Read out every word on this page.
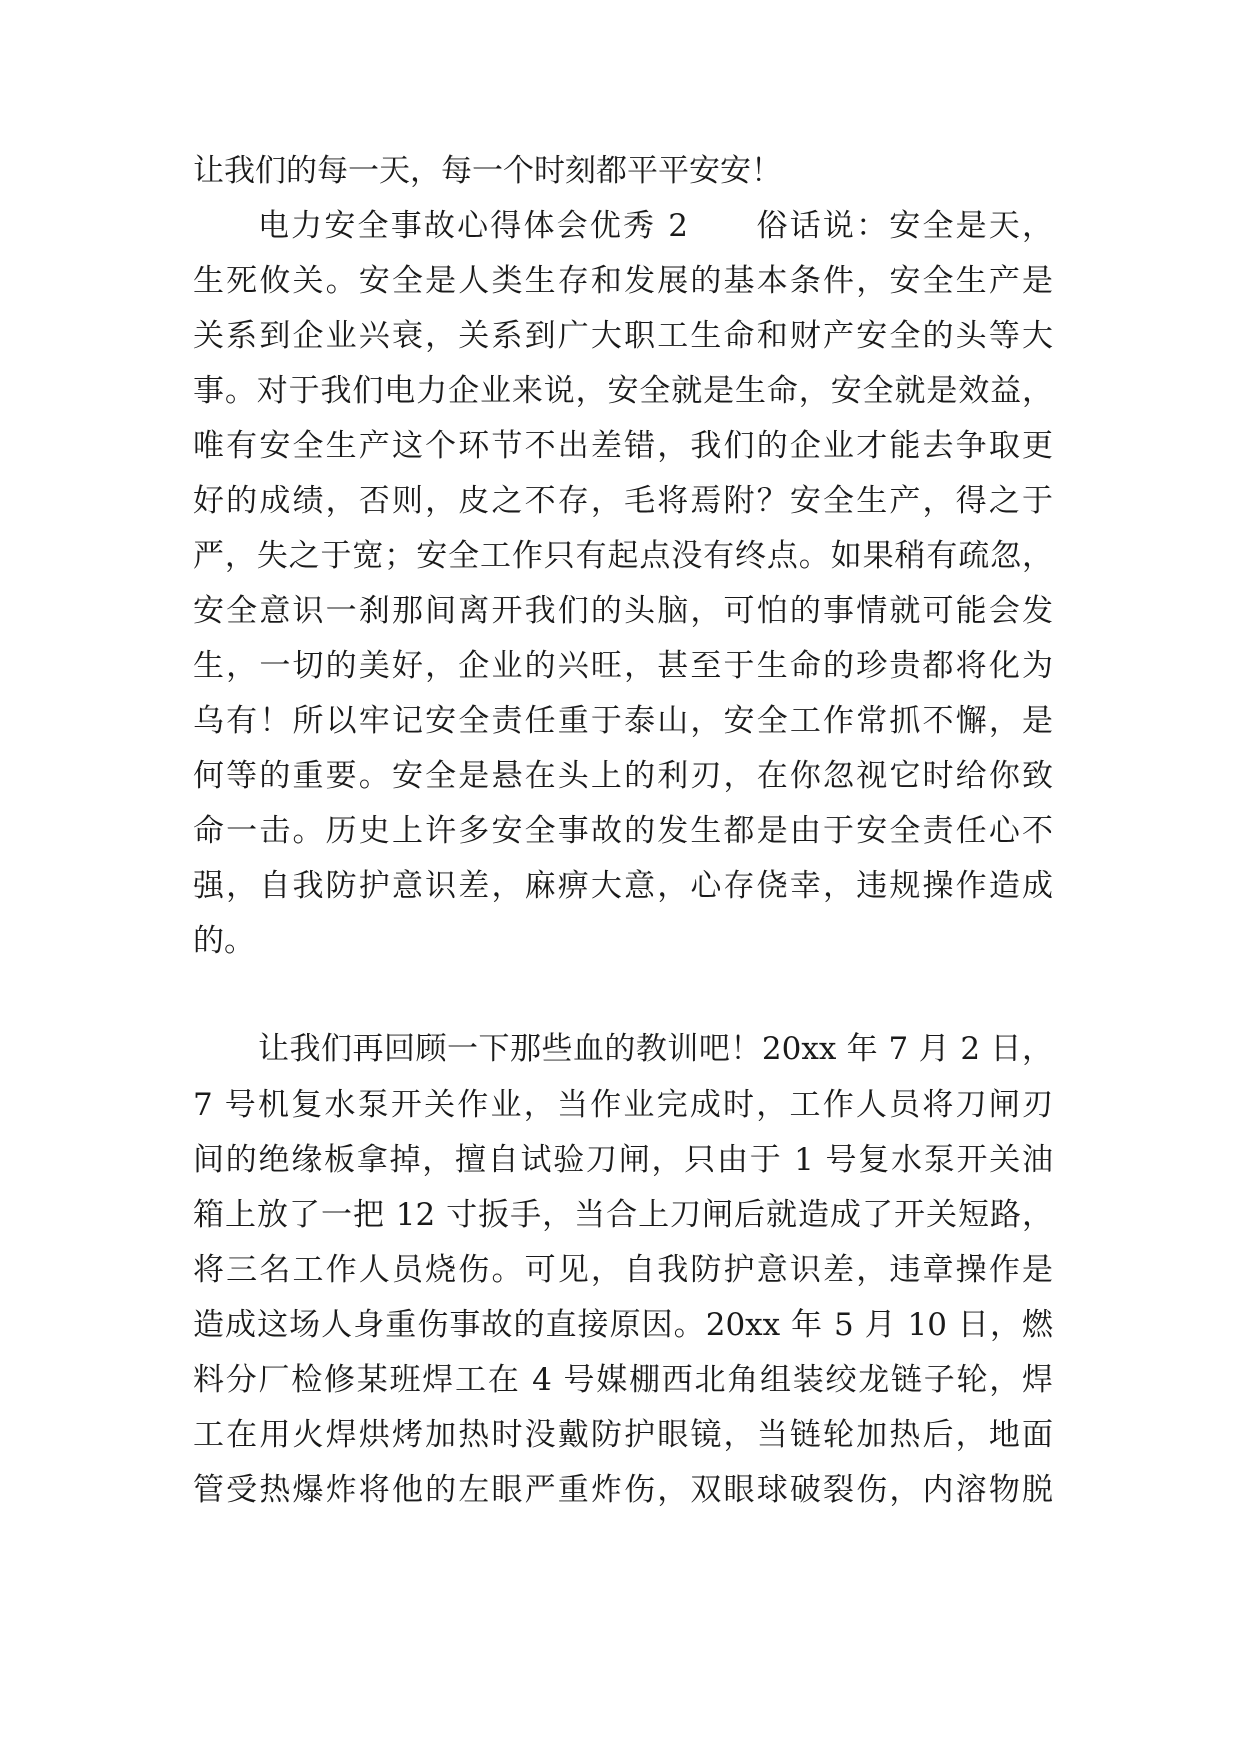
让我们的每一天，每一个时刻都平平安安！
电力安全事故心得体会优秀 2　　俗话说：安全是天，
生死攸关。安全是人类生存和发展的基本条件，安全生产是
关系到企业兴衰，关系到广大职工生命和财产安全的头等大
事。对于我们电力企业来说，安全就是生命，安全就是效益，
唯有安全生产这个环节不出差错，我们的企业才能去争取更
好的成绩，否则，皮之不存，毛将焉附？安全生产，得之于
严，失之于宽；安全工作只有起点没有终点。如果稍有疏忽，
安全意识一刹那间离开我们的头脑，可怕的事情就可能会发
生，一切的美好，企业的兴旺，甚至于生命的珍贵都将化为
乌有！所以牢记安全责任重于泰山，安全工作常抓不懈，是
何等的重要。安全是悬在头上的利刃，在你忽视它时给你致
命一击。历史上许多安全事故的发生都是由于安全责任心不
强，自我防护意识差，麻痹大意，心存侥幸，违规操作造成
的。
让我们再回顾一下那些血的教训吧！20xx 年 7 月 2 日，
7 号机复水泵开关作业，当作业完成时，工作人员将刀闸刃
间的绝缘板拿掉，擅自试验刀闸，只由于 1 号复水泵开关油
箱上放了一把 12 寸扳手，当合上刀闸后就造成了开关短路，
将三名工作人员烧伤。可见，自我防护意识差，违章操作是
造成这场人身重伤事故的直接原因。20xx 年 5 月 10 日，燃
料分厂检修某班焊工在 4 号媒棚西北角组装绞龙链子轮，焊
工在用火焊烘烤加热时没戴防护眼镜，当链轮加热后，地面
管受热爆炸将他的左眼严重炸伤，双眼球破裂伤，内溶物脱
